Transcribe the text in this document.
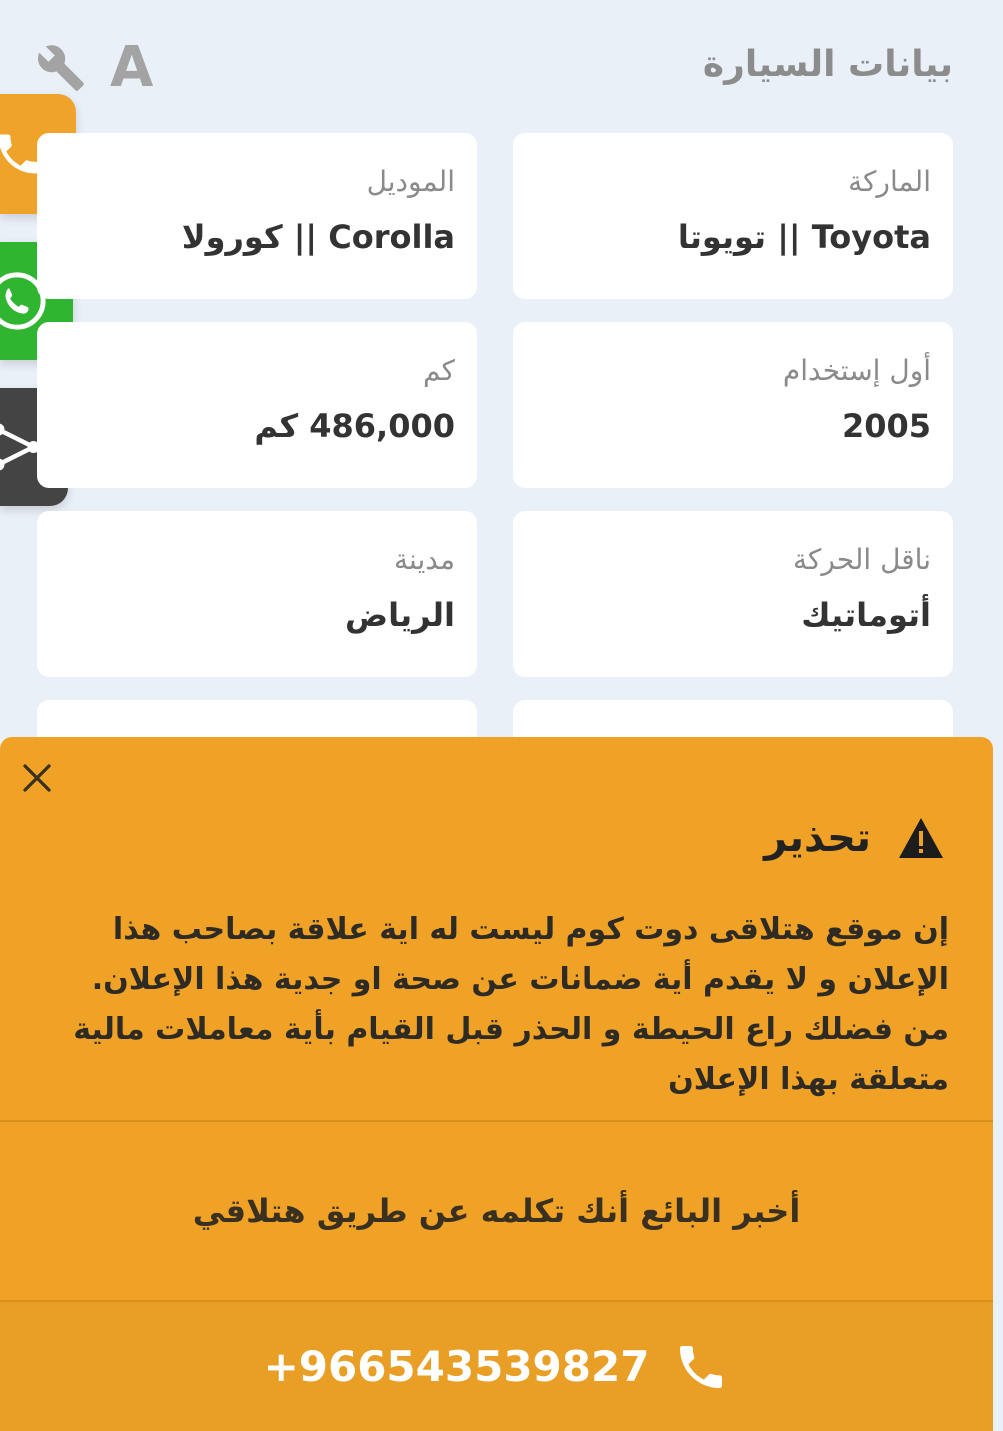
بيانات السيارة
A
الماركة
Toyota || تويوتا
الموديل
Corolla || كورولا
أول إستخدام
2005
كم
486,000 كم
ناقل الحركة
أتوماتيك
مدينة
الرياض
تحذير
إن موقع هتلاقى دوت كوم ليست له اية علاقة بصاحب هذا الإعلان و لا يقدم أية ضمانات عن صحة او جدية هذا الإعلان. من فضلك راع الحيطة و الحذر قبل القيام بأية معاملات مالية متعلقة بهذا الإعلان
أخبر البائع أنك تكلمه عن طريق هتلاقي
+966543539827
